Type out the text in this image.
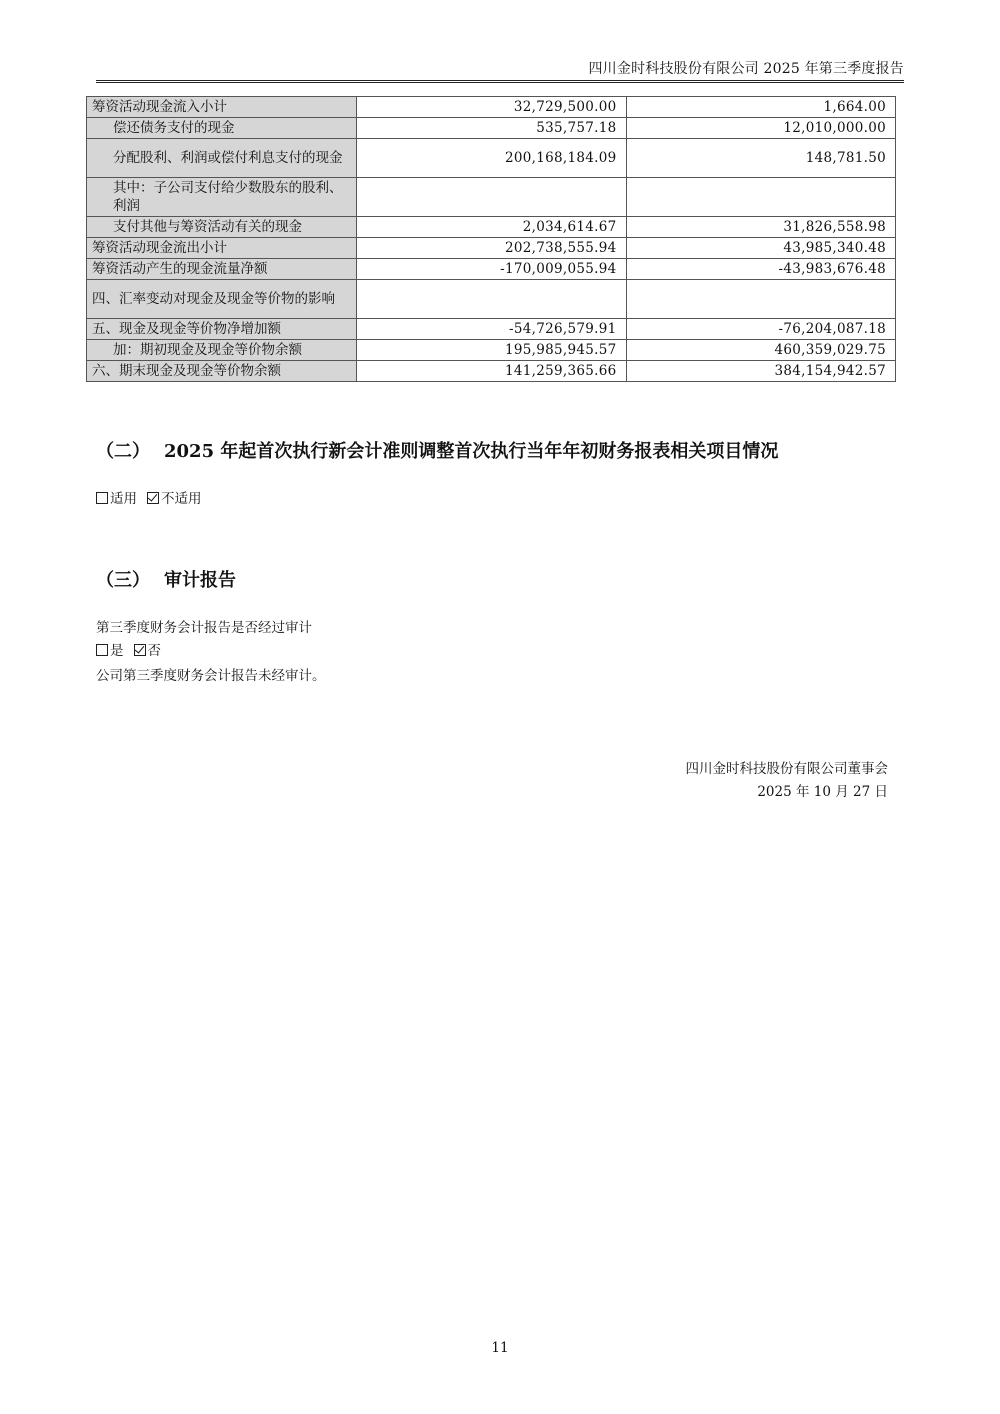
四川金时科技股份有限公司 2025 年第三季度报告
筹资活动现金流入小计	32,729,500.00	1,664.00
偿还债务支付的现金	535,757.18	12,010,000.00
分配股利、利润或偿付利息支付的现金	200,168,184.09	148,781.50
其中：子公司支付给少数股东的股利、利润		
支付其他与筹资活动有关的现金	2,034,614.67	31,826,558.98
筹资活动现金流出小计	202,738,555.94	43,985,340.48
筹资活动产生的现金流量净额	-170,009,055.94	-43,983,676.48
四、汇率变动对现金及现金等价物的影响		
五、现金及现金等价物净增加额	-54,726,579.91	-76,204,087.18
加：期初现金及现金等价物余额	195,985,945.57	460,359,029.75
六、期末现金及现金等价物余额	141,259,365.66	384,154,942.57
（二） 2025 年起首次执行新会计准则调整首次执行当年年初财务报表相关项目情况
适用 不适用
（三） 审计报告
第三季度财务会计报告是否经过审计
是 否
公司第三季度财务会计报告未经审计。
四川金时科技股份有限公司董事会
2025 年 10 月 27 日
11
